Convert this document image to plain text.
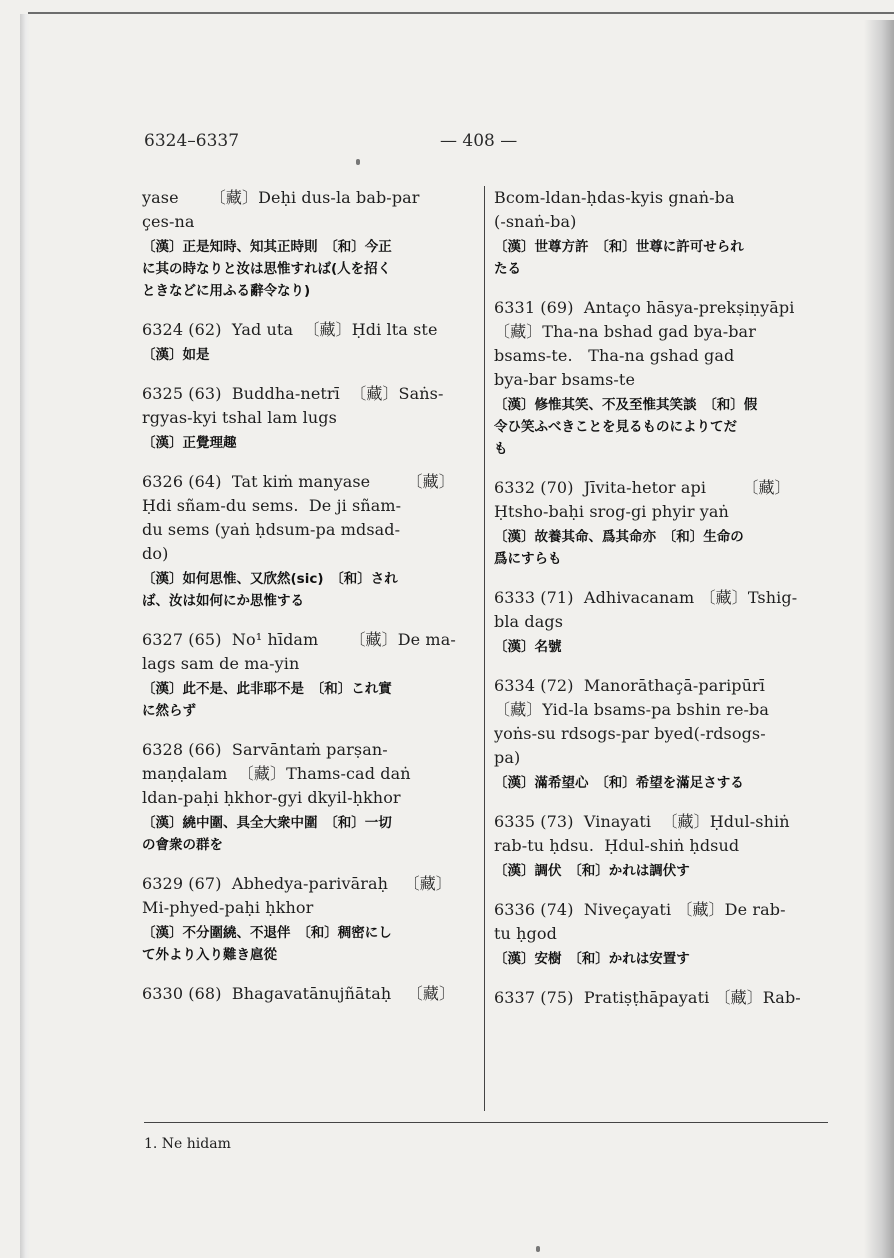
6324–6337	— 408 —

yase      〔藏〕Deḥi dus-la bab-par
çes-na

〔漢〕正是知時、知其正時則　〔和〕今正
に其の時なりと汝は思惟すれば(人を招く
ときなどに用ふる辭令なり)

6324 (62)  Yad uta  〔藏〕Ḥdi lta ste

〔漢〕如是

6325 (63)  Buddha-netrī  〔藏〕Saṅs-
rgyas-kyi tshal lam lugs

〔漢〕正覺理趣

6326 (64)  Tat kiṁ manyase       〔藏〕
Ḥdi sñam-du sems.  De ji sñam-
du sems (yaṅ ḥdsum-pa mdsad-
do)

〔漢〕如何思惟、又欣然(sic)　〔和〕され
ば、汝は如何にか思惟する

6327 (65)  No¹ hīdam      〔藏〕De ma-
lags sam de ma-yin

〔漢〕此不是、此非耶不是　〔和〕これ實
に然らず

6328 (66)  Sarvāntaṁ parṣan-
maṇḍalam  〔藏〕Thams-cad daṅ
ldan-paḥi ḥkhor-gyi dkyil-ḥkhor

〔漢〕繞中圍、具全大衆中圍　〔和〕一切
の會衆の群を

6329 (67)  Abhedya-parivāraḥ   〔藏〕
Mi-phyed-paḥi ḥkhor

〔漢〕不分圍繞、不退伴　〔和〕稠密にし
て外より入り難き扈從

6330 (68)  Bhagavatānujñātaḥ   〔藏〕

Bcom-ldan-ḥdas-kyis gnaṅ-ba
(-snaṅ-ba)

〔漢〕世尊方許　〔和〕世尊に許可せられ
たる

6331 (69)  Antaço hāsya-prekṣiṇyāpi
〔藏〕Tha-na bshad gad bya-bar
bsams-te.   Tha-na gshad gad
bya-bar bsams-te

〔漢〕修惟其笑、不及至惟其笑談　〔和〕假
令ひ笑ふべきことを見るものによりてだ
も

6332 (70)  Jīvita-hetor api       〔藏〕
Ḥtsho-baḥi srog-gi phyir yaṅ

〔漢〕故養其命、爲其命亦　〔和〕生命の
爲にすらも

6333 (71)  Adhivacanam 〔藏〕Tshig-
bla dags

〔漢〕名號

6334 (72)  Manorāthaçā-paripūrī
〔藏〕Yid-la bsams-pa bshin re-ba
yoṅs-su rdsogs-par byed(-rdsogs-
pa)

〔漢〕滿希望心　〔和〕希望を滿足さする

6335 (73)  Vinayati  〔藏〕Ḥdul-shiṅ
rab-tu ḥdsu.  Ḥdul-shiṅ ḥdsud

〔漢〕調伏　〔和〕かれは調伏す

6336 (74)  Niveçayati 〔藏〕De rab-
tu ḥgod

〔漢〕安樹　〔和〕かれは安置す

6337 (75)  Pratiṣṭhāpayati 〔藏〕Rab-

1. Ne hidam
